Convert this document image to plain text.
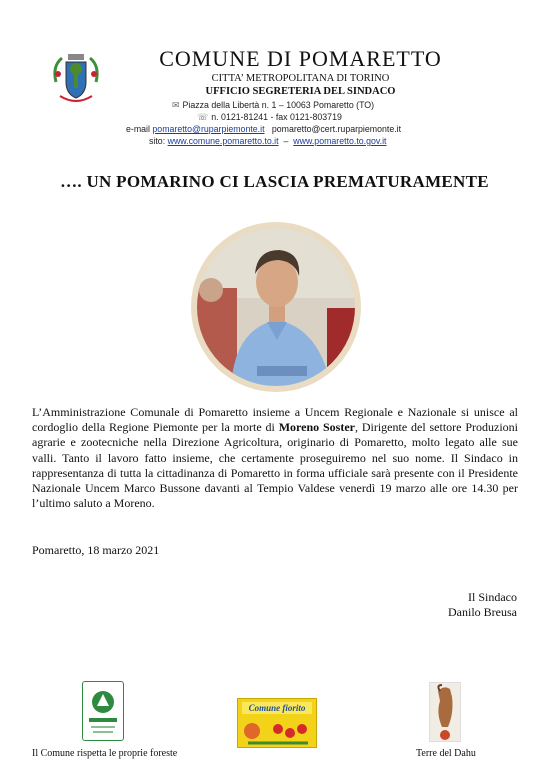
COMUNE DI POMARETTO
CITTA’ METROPOLITANA DI TORINO
UFFICIO SEGRETERIA DEL SINDACO
✉ Piazza della Libertà n. 1 – 10063 Pomaretto (TO)
☏ n. 0121-81241 - fax 0121-803719
e-mail pomaretto@ruparpiemonte.it pomaretto@cert.ruparpiemonte.it
sito: www.comune.pomaretto.to.it – www.pomaretto.to.gov.it
…. UN POMARINO CI LASCIA PREMATURAMENTE
L’Amministrazione Comunale di Pomaretto insieme a Uncem Regionale e Nazionale si unisce al cordoglio della Regione Piemonte per la morte di Moreno Soster, Dirigente del settore Produzioni agrarie e zootecniche nella Direzione Agricoltura, originario di Pomaretto, molto legato alle sue valli. Tanto il lavoro fatto insieme, che certamente proseguiremo nel suo nome. Il Sindaco in rappresentanza di tutta la cittadinanza di Pomaretto in forma ufficiale sarà presente con il Presidente Nazionale Uncem Marco Bussone davanti al Tempio Valdese venerdì 19 marzo alle ore 14.30 per l’ultimo saluto a Moreno.
Pomaretto, 18 marzo 2021
Il Sindaco
Danilo Breusa
Comune fiorito
Il Comune rispetta le proprie foreste	Terre del Dahu
